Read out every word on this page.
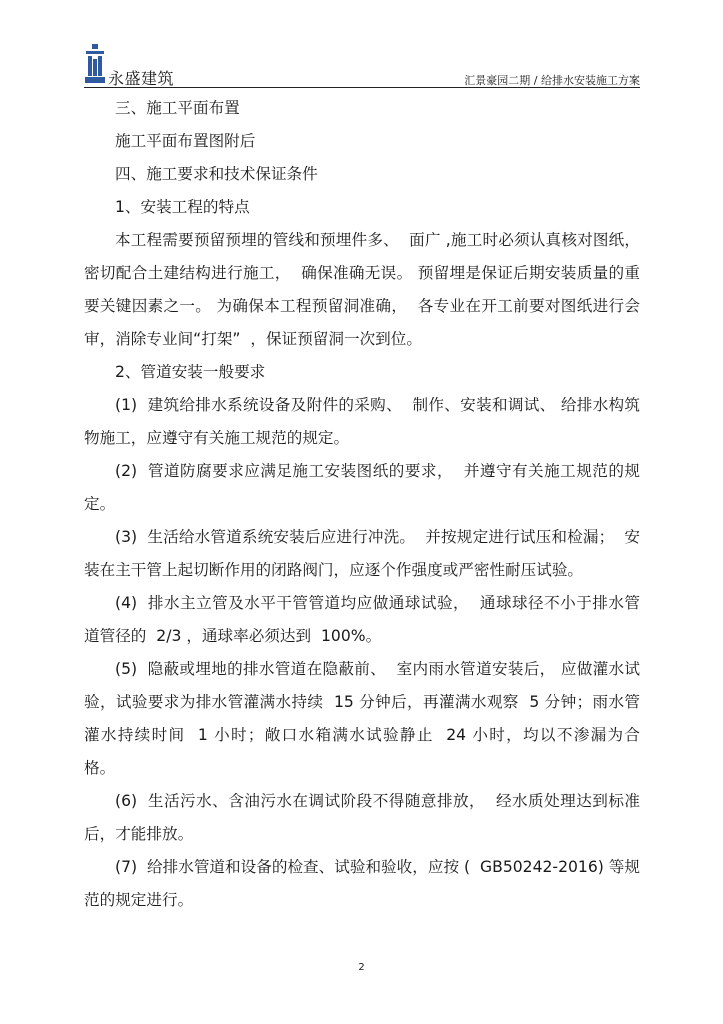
永盛建筑	汇景豪园二期 / 给排水安装施工方案
三、施工平面布置
施工平面布置图附后
四、施工要求和技术保证条件
1、安装工程的特点
本工程需要预留预埋的管线和预埋件多、  面广 ,施工时必须认真核对图纸，
密切配合土建结构进行施工，  确保准确无误。 预留埋是保证后期安装质量的重
要关键因素之一。 为确保本工程预留洞准确，  各专业在开工前要对图纸进行会
审，消除专业间“打架”  ，保证预留洞一次到位。
2、管道安装一般要求
(1)  建筑给排水系统设备及附件的采购、  制作、安装和调试、 给排水构筑
物施工，应遵守有关施工规范的规定。
(2)  管道防腐要求应满足施工安装图纸的要求，  并遵守有关施工规范的规
定。
(3)  生活给水管道系统安装后应进行冲洗。  并按规定进行试压和检漏；  安
装在主干管上起切断作用的闭路阀门，应逐个作强度或严密性耐压试验。
(4)  排水主立管及水平干管管道均应做通球试验，  通球球径不小于排水管
道管径的  2/3 ，通球率必须达到  100%。
(5)  隐蔽或埋地的排水管道在隐蔽前、  室内雨水管道安装后， 应做灌水试
验，试验要求为排水管灌满水持续  15 分钟后，再灌满水观察  5 分钟；雨水管
灌水持续时间  1 小时；敞口水箱满水试验静止  24 小时，均以不渗漏为合
格。
(6)  生活污水、含油污水在调试阶段不得随意排放，  经水质处理达到标准
后，才能排放。
(7)  给排水管道和设备的检查、试验和验收，应按 (  GB50242-2016) 等规
范的规定进行。
2
